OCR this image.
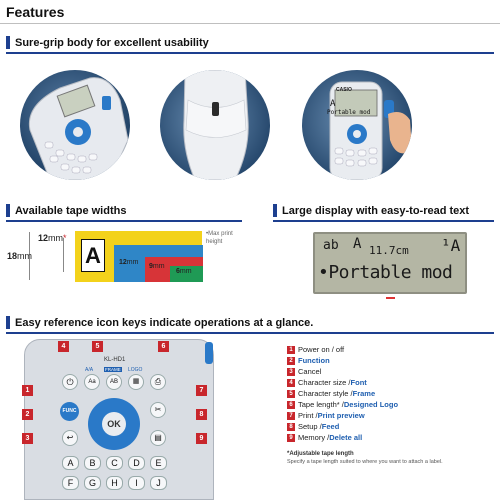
Features
Sure-grip body for excellent usability
CASIO
A
Portable mod
Available tape widths
18mm
12mm*
A	12mm
9mm
6mm
•Max print height
Large display with easy-to-read text
ab A 11.7cm ¹A
•Portable mod
Easy reference icon keys indicate operations at a glance.
KL-HD1
A/A	FRAME LOGO
⏻	Aa	AB	▦	⎙
FUNC
OK
✂
↩	▤
A	B	C	D	E
F	G	H	I	J
1
2
3
4	5	6
7
8
9
1 Power on / off
2 Function
3 Cancel
4 Character size / Font
5 Character style / Frame
6 Tape length* / Designed Logo
7 Print / Print preview
8 Setup / Feed
9 Memory / Delete all
*Adjustable tape length
Specify a tape length suited to where you want to attach a label.
